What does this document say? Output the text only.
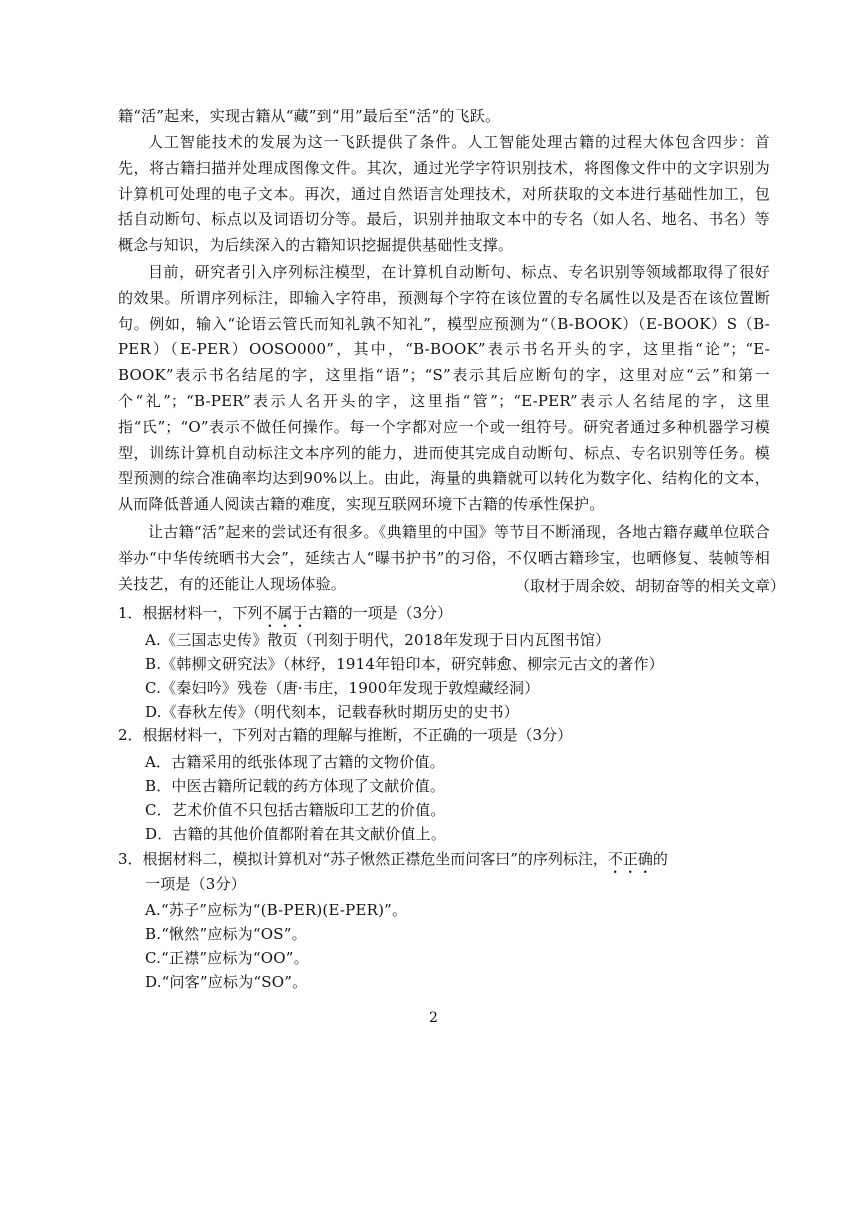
籍“活”起来，实现古籍从“藏”到“用”最后至“活”的飞跃。

人工智能技术的发展为这一飞跃提供了条件。人工智能处理古籍的过程大体包含四步：首先，将古籍扫描并处理成图像文件。其次，通过光学字符识别技术，将图像文件中的文字识别为计算机可处理的电子文本。再次，通过自然语言处理技术，对所获取的文本进行基础性加工，包括自动断句、标点以及词语切分等。最后，识别并抽取文本中的专名（如人名、地名、书名）等概念与知识，为后续深入的古籍知识挖掘提供基础性支撑。

目前，研究者引入序列标注模型，在计算机自动断句、标点、专名识别等领域都取得了很好的效果。所谓序列标注，即输入字符串，预测每个字符在该位置的专名属性以及是否在该位置断句。例如，输入“论语云管氏而知礼孰不知礼”，模型应预测为“（B-BOOK）（E-BOOK）S（B-PER）（E-PER）OOSO000”，其中，“B-BOOK”表示书名开头的字，这里指“论”；“E-BOOK”表示书名结尾的字，这里指“语”；“S”表示其后应断句的字，这里对应“云”和第一个“礼”；“B-PER”表示人名开头的字，这里指“管”；“E-PER”表示人名结尾的字，这里指“氏”；“O”表示不做任何操作。每一个字都对应一个或一组符号。研究者通过多种机器学习模型，训练计算机自动标注文本序列的能力，进而使其完成自动断句、标点、专名识别等任务。模型预测的综合准确率均达到90%以上。由此，海量的典籍就可以转化为数字化、结构化的文本，从而降低普通人阅读古籍的难度，实现互联网环境下古籍的传承性保护。

让古籍“活”起来的尝试还有很多。《典籍里的中国》等节目不断涌现，各地古籍存藏单位联合举办“中华传统晒书大会”，延续古人“曝书护书”的习俗，不仅晒古籍珍宝，也晒修复、装帧等相关技艺，有的还能让人现场体验。	（取材于周余姣、胡韧奋等的相关文章）

1．根据材料一，下列不属于古籍的一项是（3分）

A.《三国志史传》散页（刊刻于明代，2018年发现于日内瓦图书馆）

B.《韩柳文研究法》（林纾，1914年铅印本，研究韩愈、柳宗元古文的著作）

C.《秦妇吟》残卷（唐·韦庄，1900年发现于敦煌藏经洞）

D.《春秋左传》（明代刻本，记载春秋时期历史的史书）

2．根据材料一，下列对古籍的理解与推断，不正确的一项是（3分）

A．古籍采用的纸张体现了古籍的文物价值。

B．中医古籍所记载的药方体现了文献价值。

C．艺术价值不只包括古籍版印工艺的价值。

D．古籍的其他价值都附着在其文献价值上。

3．根据材料二，模拟计算机对“苏子愀然正襟危坐而问客曰”的序列标注，不正确的

一项是（3分）

A.“苏子”应标为“(B-PER)(E-PER)”。

B.“愀然”应标为“OS”。

C.“正襟”应标为“OO”。

D.“问客”应标为“SO”。

2
